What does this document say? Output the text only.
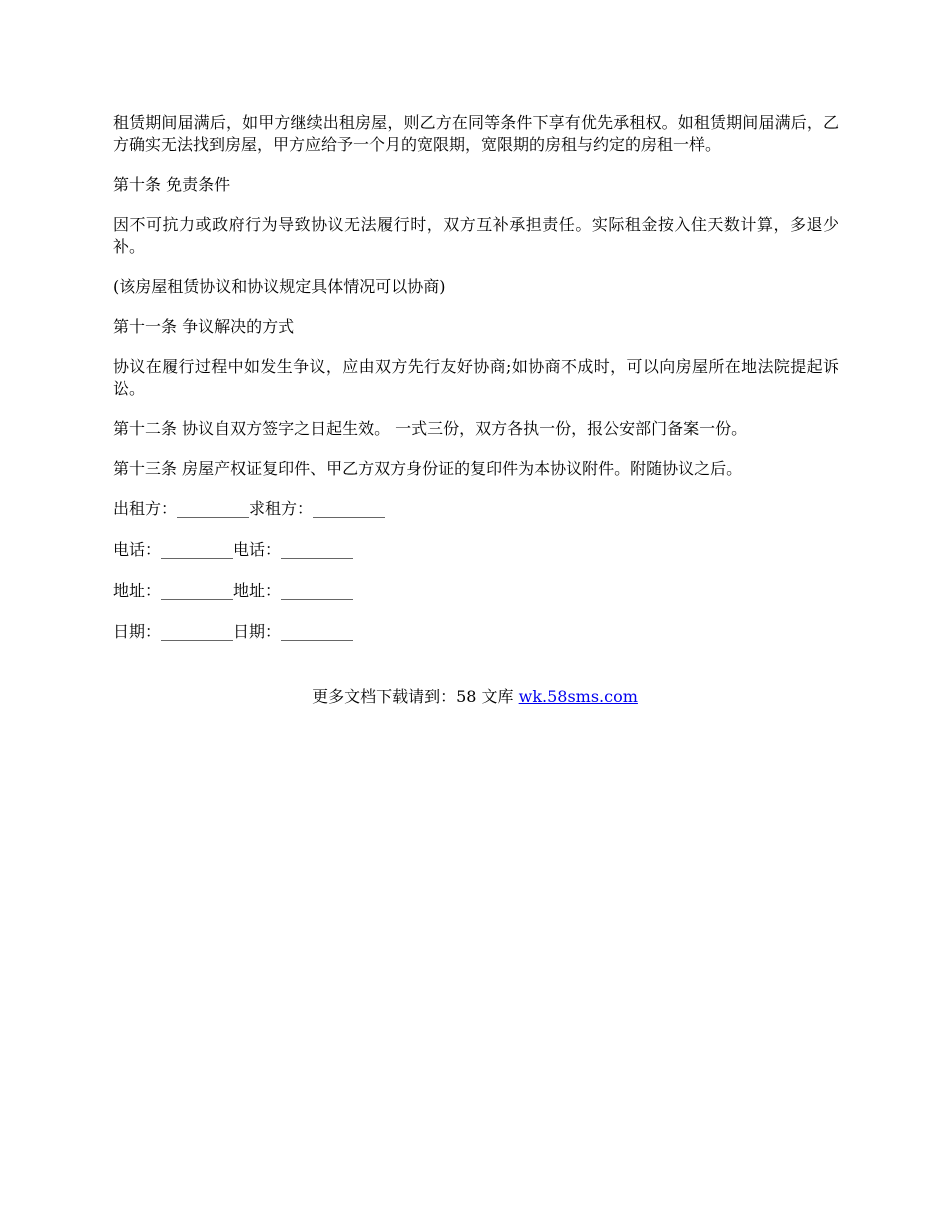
租赁期间届满后，如甲方继续出租房屋，则乙方在同等条件下享有优先承租权。如租赁期间届满后，乙方确实无法找到房屋，甲方应给予一个月的宽限期，宽限期的房租与约定的房租一样。

第十条 免责条件

因不可抗力或政府行为导致协议无法履行时，双方互补承担责任。实际租金按入住天数计算，多退少补。

(该房屋租赁协议和协议规定具体情况可以协商)

第十一条 争议解决的方式

协议在履行过程中如发生争议，应由双方先行友好协商;如协商不成时，可以向房屋所在地法院提起诉讼。

第十二条 协议自双方签字之日起生效。 一式三份，双方各执一份，报公安部门备案一份。

第十三条 房屋产权证复印件、甲乙方双方身份证的复印件为本协议附件。附随协议之后。

出租方：_________求租方：_________
电话：_________电话：_________
地址：_________地址：_________
日期：_________日期：_________
更多文档下载请到：58 文库 wk.58sms.com
